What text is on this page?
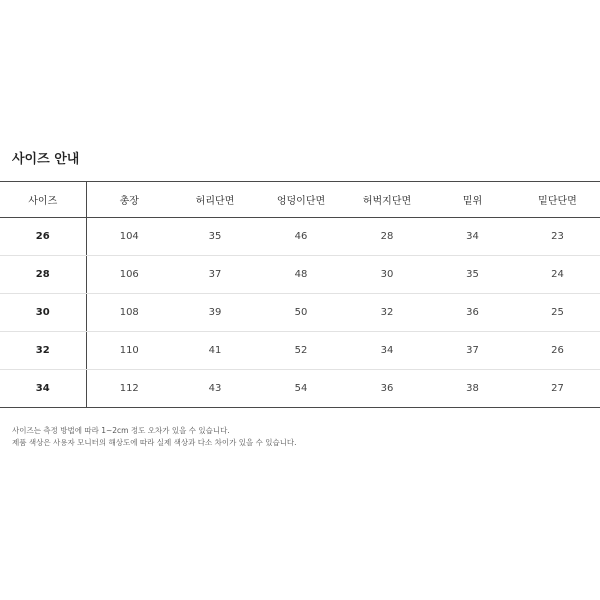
사이즈 안내
사이즈	총장	허리단면	엉덩이단면	허벅지단면	밑위	밑단단면
26	104	35	46	28	34	23
28	106	37	48	30	35	24
30	108	39	50	32	36	25
32	110	41	52	34	37	26
34	112	43	54	36	38	27
사이즈는 측정 방법에 따라 1~2cm 정도 오차가 있을 수 있습니다.
제품 색상은 사용자 모니터의 해상도에 따라 실제 색상과 다소 차이가 있을 수 있습니다.
